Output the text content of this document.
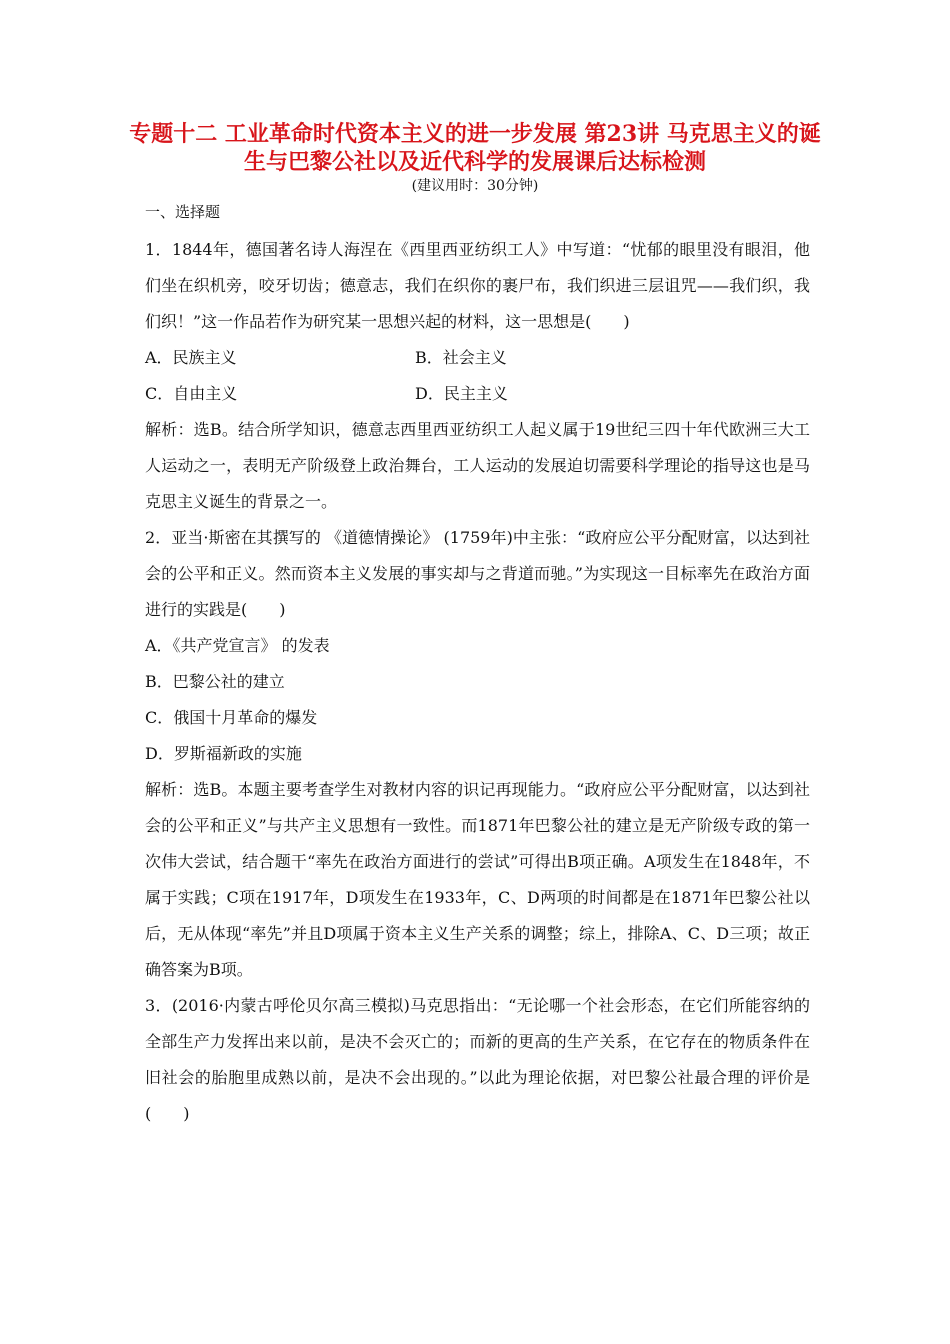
专题十二 工业革命时代资本主义的进一步发展 第23讲 马克思主义的诞生与巴黎公社以及近代科学的发展课后达标检测
(建议用时：30分钟)
一、选择题

1．1844年，德国著名诗人海涅在《西里西亚纺织工人》中写道：“忧郁的眼里没有眼泪，他们坐在织机旁，咬牙切齿；德意志，我们在织你的裹尸布，我们织进三层诅咒——我们织，我们织！”这一作品若作为研究某一思想兴起的材料，这一思想是(　　)

A．民族主义	B．社会主义
C．自由主义	D．民主主义

解析：选B。结合所学知识，德意志西里西亚纺织工人起义属于19世纪三四十年代欧洲三大工人运动之一，表明无产阶级登上政治舞台，工人运动的发展迫切需要科学理论的指导这也是马克思主义诞生的背景之一。

2．亚当·斯密在其撰写的 《道德情操论》 (1759年)中主张：“政府应公平分配财富，以达到社会的公平和正义。然而资本主义发展的事实却与之背道而驰。”为实现这一目标率先在政治方面进行的实践是(　　)

A．《共产党宣言》 的发表
B．巴黎公社的建立
C．俄国十月革命的爆发
D．罗斯福新政的实施

解析：选B。本题主要考查学生对教材内容的识记再现能力。“政府应公平分配财富，以达到社会的公平和正义”与共产主义思想有一致性。而1871年巴黎公社的建立是无产阶级专政的第一次伟大尝试，结合题干“率先在政治方面进行的尝试”可得出B项正确。A项发生在1848年，不属于实践；C项在1917年，D项发生在1933年，C、D两项的时间都是在1871年巴黎公社以后，无从体现“率先”并且D项属于资本主义生产关系的调整；综上，排除A、C、D三项；故正确答案为B项。

3．(2016·内蒙古呼伦贝尔高三模拟)马克思指出：“无论哪一个社会形态，在它们所能容纳的全部生产力发挥出来以前，是决不会灭亡的；而新的更高的生产关系，在它存在的物质条件在旧社会的胎胞里成熟以前，是决不会出现的。”以此为理论依据，对巴黎公社最合理的评价是(　　)
